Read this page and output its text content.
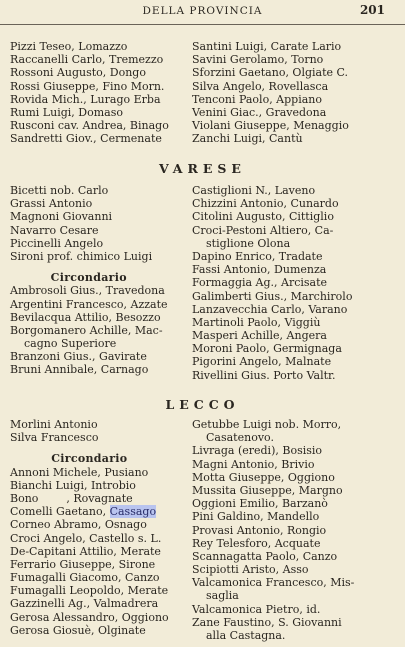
DELLA PROVINCIA	201
Pizzi Teseo, Lomazzo
Raccanelli Carlo, Tremezzo
Rossoni Augusto, Dongo
Rossi Giuseppe, Fino Morn.
Rovida Mich., Lurago Erba
Rumi Luigi, Domaso
Rusconi cav. Andrea, Binago
Sandretti Giov., Cermenate
Santini Luigi, Carate Lario
Savini Gerolamo, Torno
Sforzini Gaetano, Olgiate C.
Silva Angelo, Rovellasca
Tenconi Paolo, Appiano
Venini Giac., Gravedona
Violani Giuseppe, Menaggio
Zanchi Luigi, Cantù
VARESE
Bicetti nob. Carlo
Grassi Antonio
Magnoni Giovanni
Navarro Cesare
Piccinelli Angelo
Sironi prof. chimico Luigi
Circondario
Ambrosoli Gius., Travedona
Argentini Francesco, Azzate
Bevilacqua Attilio, Besozzo
Borgomanero Achille, Mac-
cagno Superiore
Branzoni Gius., Gavirate
Bruni Annibale, Carnago
Castiglioni N., Laveno
Chizzini Antonio, Cunardo
Citolini Augusto, Cittiglio
Croci-Pestoni Altiero, Ca-
stiglione Olona
Dapino Enrico, Tradate
Fassi Antonio, Dumenza
Formaggia Ag., Arcisate
Galimberti Gius., Marchirolo
Lanzavecchia Carlo, Varano
Martinoli Paolo, Viggiù
Masperi Achille, Angera
Moroni Paolo, Germignaga
Pigorini Angelo, Malnate
Rivellini Gius. Porto Valtr.
LECCO
Morlini Antonio
Silva Francesco
Circondario
Annoni Michele, Pusiano
Bianchi Luigi, Introbio
Bono        , Rovagnate
Comelli Gaetano, Cassago
Corneo Abramo, Osnago
Croci Angelo, Castello s. L.
De-Capitani Attilio, Merate
Ferrario Giuseppe, Sirone
Fumagalli Giacomo, Canzo
Fumagalli Leopoldo, Merate
Gazzinelli Ag., Valmadrera
Gerosa Alessandro, Oggiono
Gerosa Giosuè, Olginate
Getubbe Luigi nob. Morro,
Casatenovo.
Livraga (eredi), Bosisio
Magni Antonio, Brivio
Motta Giuseppe, Oggiono
Mussita Giuseppe, Margno
Oggioni Emilio, Barzanò
Pini Galdino, Mandello
Provasi Antonio, Rongio
Rey Telesforo, Acquate
Scannagatta Paolo, Canzo
Scipiotti Aristo, Asso
Valcamonica Francesco, Mis-
saglia
Valcamonica Pietro, id.
Zane Faustino, S. Giovanni
alla Castagna.
